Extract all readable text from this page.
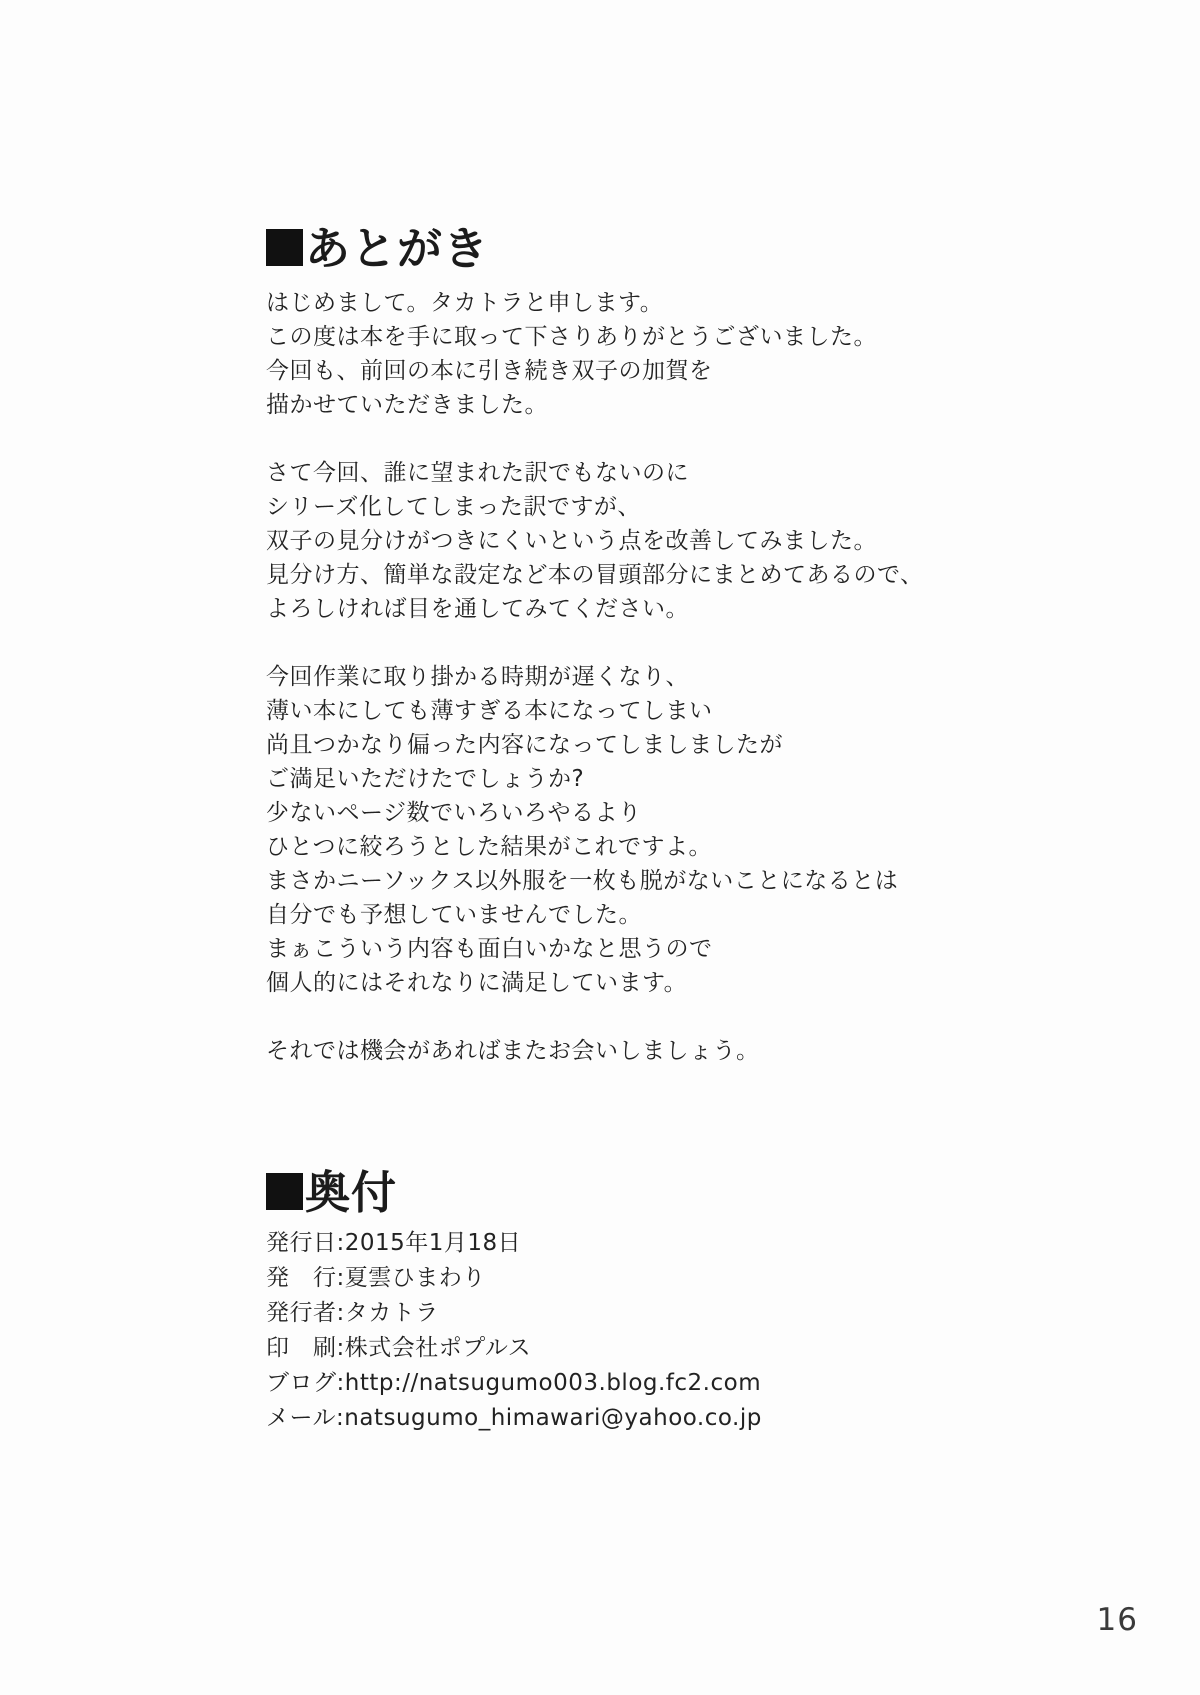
あとがき

はじめまして。タカトラと申します。
この度は本を手に取って下さりありがとうございました。
今回も、前回の本に引き続き双子の加賀を
描かせていただきました。

さて今回、誰に望まれた訳でもないのに
シリーズ化してしまった訳ですが、
双子の見分けがつきにくいという点を改善してみました。
見分け方、簡単な設定など本の冒頭部分にまとめてあるので、
よろしければ目を通してみてください。

今回作業に取り掛かる時期が遅くなり、
薄い本にしても薄すぎる本になってしまい
尚且つかなり偏った内容になってしましましたが
ご満足いただけたでしょうか?
少ないページ数でいろいろやるより
ひとつに絞ろうとした結果がこれですよ。
まさかニーソックス以外服を一枚も脱がないことになるとは
自分でも予想していませんでした。
まぁこういう内容も面白いかなと思うので
個人的にはそれなりに満足しています。

それでは機会があればまたお会いしましょう。

奥付

発行日:2015年1月18日
発　行:夏雲ひまわり
発行者:タカトラ
印　刷:株式会社ポプルス
ブログ:http://natsugumo003.blog.fc2.com
メール:natsugumo_himawari@yahoo.co.jp

16
